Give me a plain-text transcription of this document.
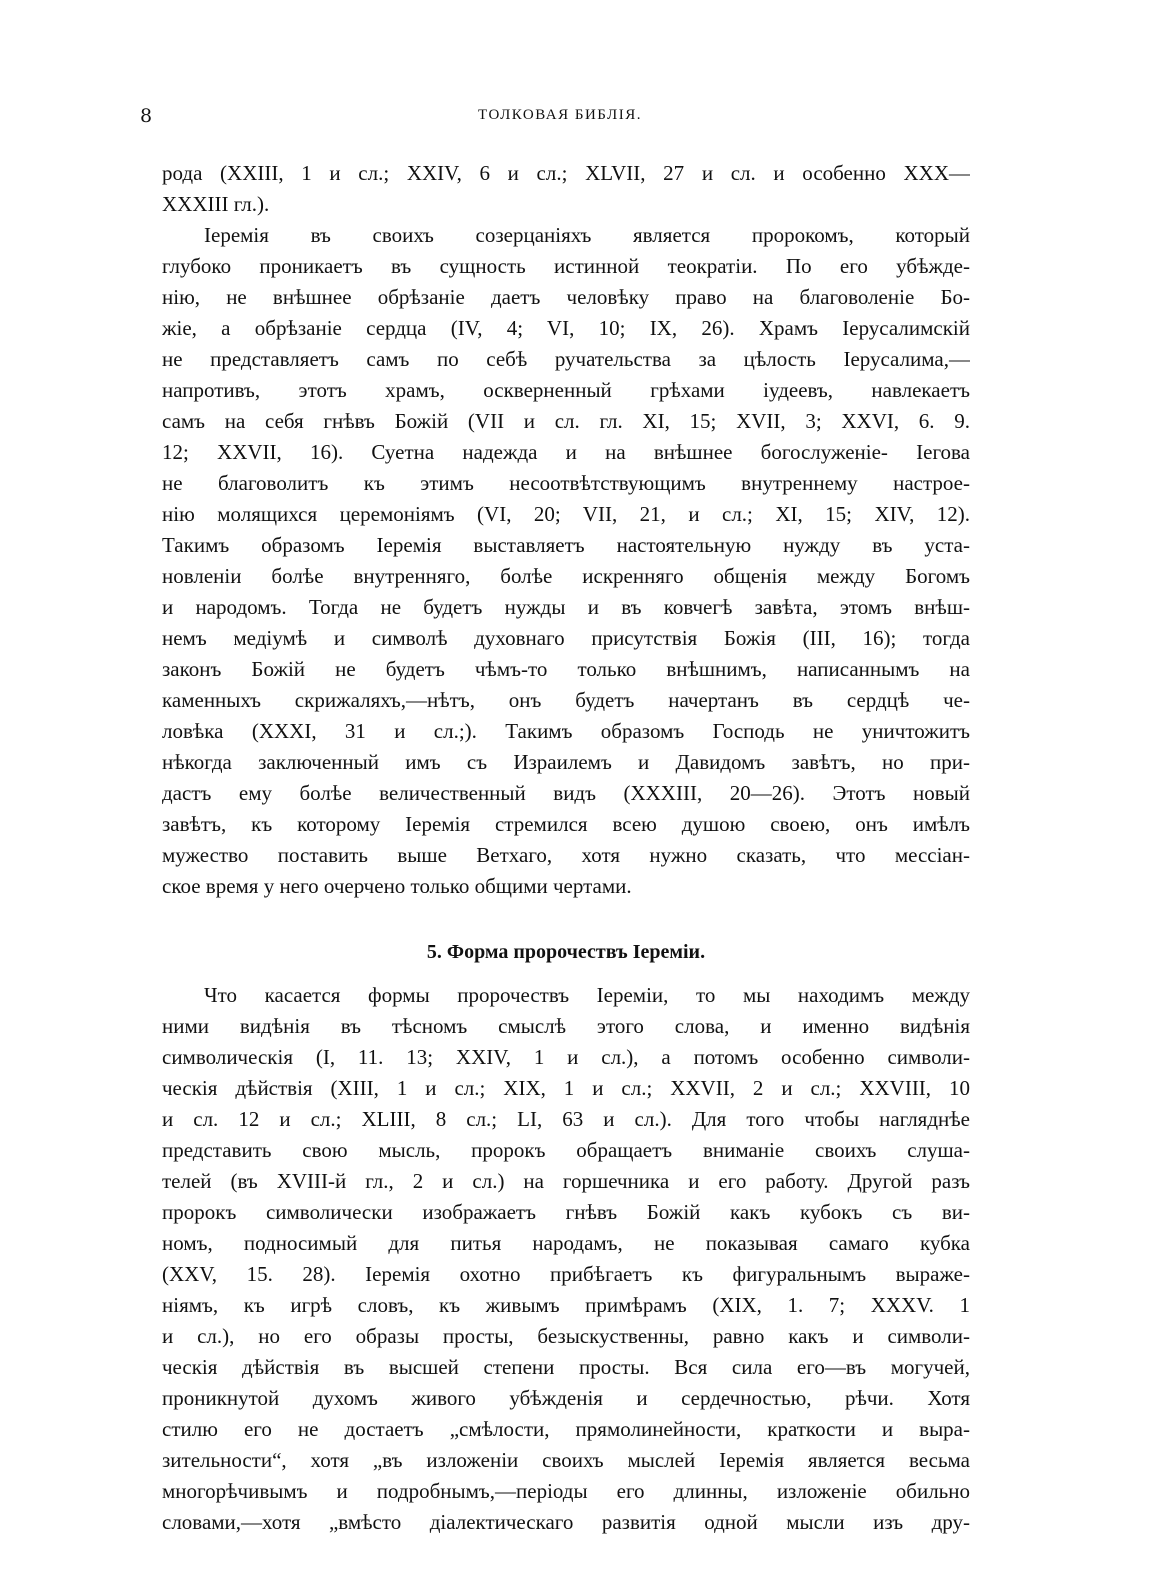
8	ТОЛКОВАЯ БИБЛІЯ.
рода (XXIII, 1 и сл.; XXIV, 6 и сл.; XLVII, 27 и сл. и особенно XXX—
XXXIII гл.).
Іеремія въ своихъ созерцаніяхъ является пророкомъ, который
глубоко проникаетъ въ сущность истинной теократіи. По его убѣжде-
нію, не внѣшнее обрѣзаніе даетъ человѣку право на благоволеніе Бо-
жіе, а обрѣзаніе сердца (IV, 4; VI, 10; IX, 26). Храмъ Іерусалимскій
не представляетъ самъ по себѣ ручательства за цѣлость Іерусалима,—
напротивъ, этотъ храмъ, оскверненный грѣхами іудеевъ, навлекаетъ
самъ на себя гнѣвъ Божій (VII и сл. гл. XI, 15; XVII, 3; XXVI, 6. 9.
12; XXVII, 16). Суетна надежда и на внѣшнее богослуженіе- Іегова
не благоволитъ къ этимъ несоотвѣтствующимъ внутреннему настрое-
нію молящихся церемоніямъ (VI, 20; VII, 21, и сл.; XI, 15; XIV, 12).
Такимъ образомъ Іеремія выставляетъ настоятельную нужду въ уста-
новленіи болѣе внутренняго, болѣе искренняго общенія между Богомъ
и народомъ. Тогда не будетъ нужды и въ ковчегѣ завѣта, этомъ внѣш-
немъ медіумѣ и символѣ духовнаго присутствія Божія (III, 16); тогда
законъ Божій не будетъ чѣмъ-то только внѣшнимъ, написаннымъ на
каменныхъ скрижаляхъ,—нѣтъ, онъ будетъ начертанъ въ сердцѣ че-
ловѣка (XXXI, 31 и сл.;). Такимъ образомъ Господь не уничтожитъ
нѣкогда заключенный имъ съ Израилемъ и Давидомъ завѣтъ, но при-
дастъ ему болѣе величественный видъ (XXXIII, 20—26). Этотъ новый
завѣтъ, къ которому Іеремія стремился всею душою своею, онъ имѣлъ
мужество поставить выше Ветхаго, хотя нужно сказать, что мессіан-
ское время у него очерчено только общими чертами.
5. Форма пророчествъ Іереміи.
Что касается формы пророчествъ Іереміи, то мы находимъ между
ними видѣнія въ тѣсномъ смыслѣ этого слова, и именно видѣнія
символическія (I, 11. 13; XXIV, 1 и сл.), а потомъ особенно символи-
ческія дѣйствія (XIII, 1 и сл.; XIX, 1 и сл.; XXVII, 2 и сл.; XXVIII, 10
и сл. 12 и сл.; XLIII, 8 сл.; LI, 63 и сл.). Для того чтобы нагляднѣе
представить свою мысль, пророкъ обращаетъ вниманіе своихъ слуша-
телей (въ XVIII-й гл., 2 и сл.) на горшечника и его работу. Другой разъ
пророкъ символически изображаетъ гнѣвъ Божій какъ кубокъ съ ви-
номъ, подносимый для питья народамъ, не показывая самаго кубка
(XXV, 15. 28). Іеремія охотно прибѣгаетъ къ фигуральнымъ выраже-
ніямъ, къ игрѣ словъ, къ живымъ примѣрамъ (XIX, 1. 7; XXXV. 1
и сл.), но его образы просты, безыскуственны, равно какъ и символи-
ческія дѣйствія въ высшей степени просты. Вся сила его—въ могучей,
проникнутой духомъ живого убѣжденія и сердечностью, рѣчи. Хотя
стилю его не достаетъ „смѣлости, прямолинейности, краткости и выра-
зительности“, хотя „въ изложеніи своихъ мыслей Іеремія является весьма
многорѣчивымъ и подробнымъ,—періоды его длинны, изложеніе обильно
словами,—хотя „вмѣсто діалектическаго развитія одной мысли изъ дру-
